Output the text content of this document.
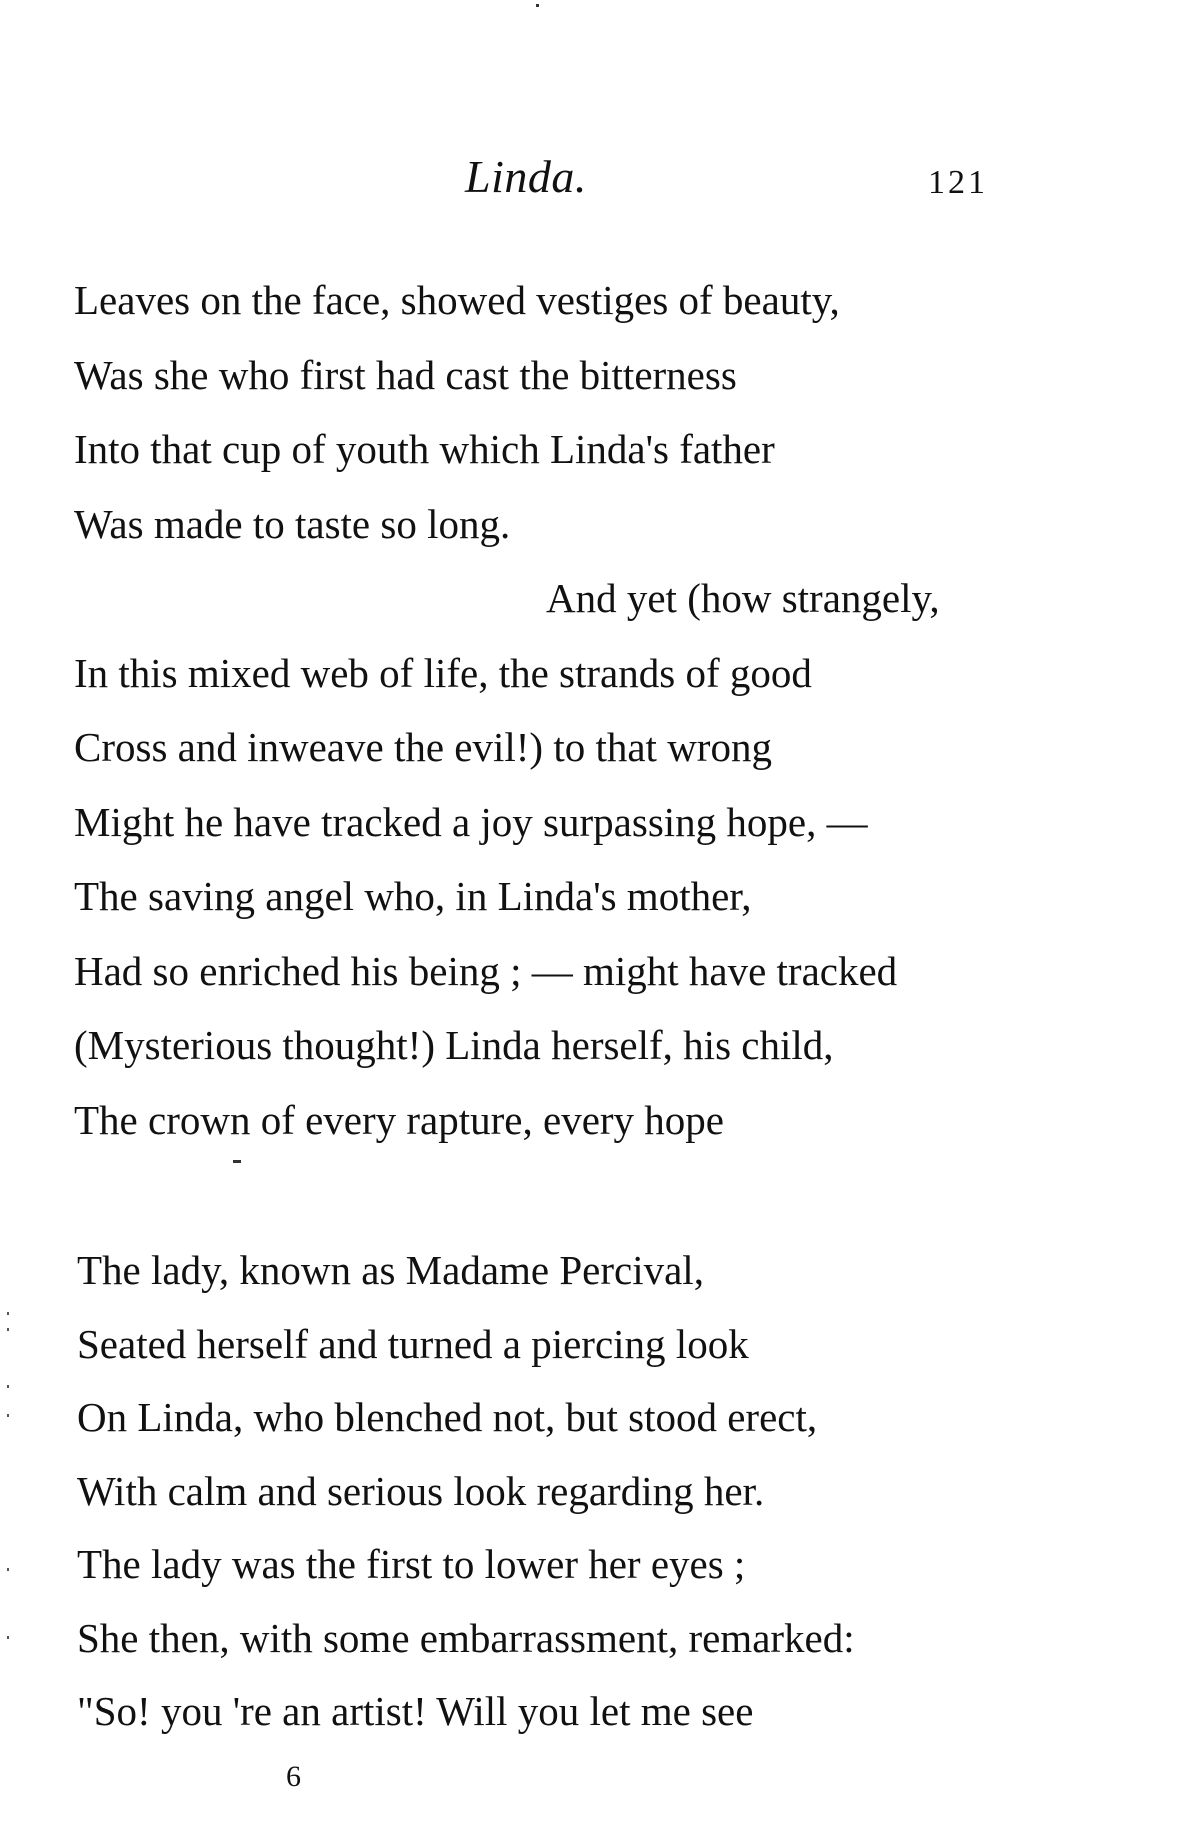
Linda.	121
Leaves on the face, showed vestiges of beauty,
Was she who first had cast the bitterness
Into that cup of youth which Linda's father
Was made to taste so long.
And yet (how strangely,
In this mixed web of life, the strands of good
Cross and inweave the evil!) to that wrong
Might he have tracked a joy surpassing hope, —
The saving angel who, in Linda's mother,
Had so enriched his being ; — might have tracked
(Mysterious thought!) Linda herself, his child,
The crown of every rapture, every hope
The lady, known as Madame Percival,
Seated herself and turned a piercing look
On Linda, who blenched not, but stood erect,
With calm and serious look regarding her.
The lady was the first to lower her eyes ;
She then, with some embarrassment, remarked:
"So! you 're an artist! Will you let me see
6
